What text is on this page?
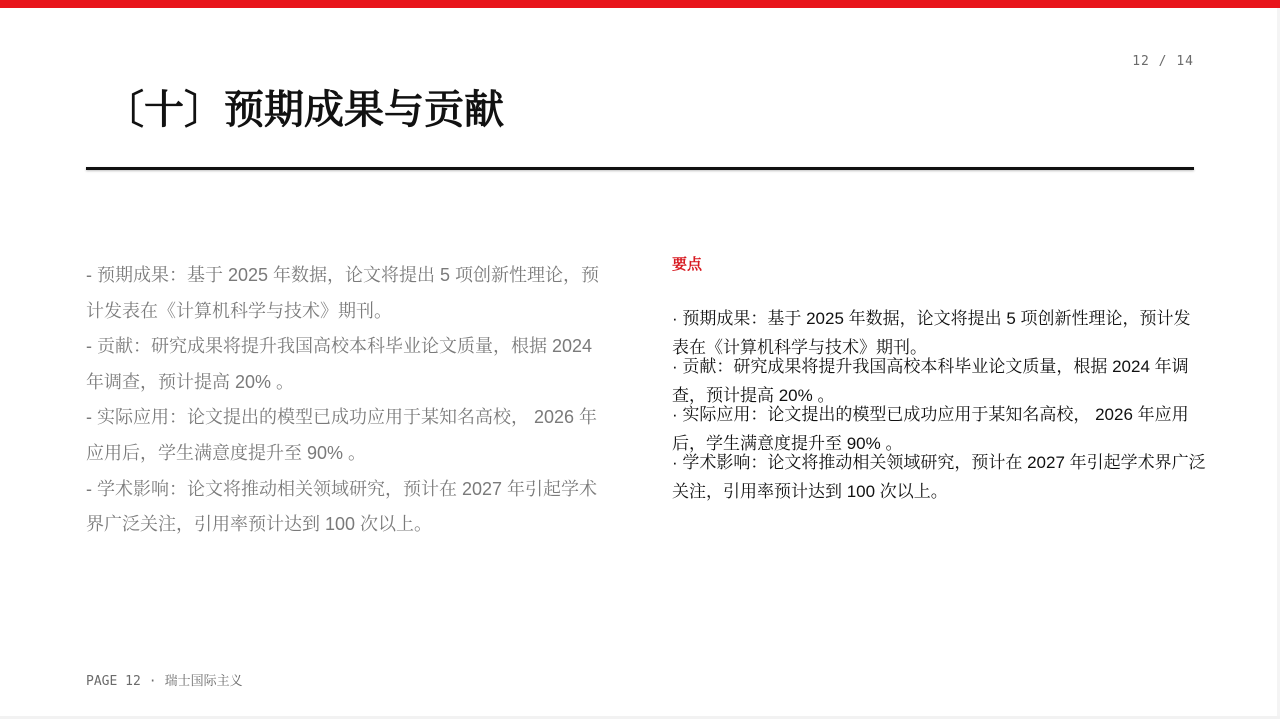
12 / 14
〔十〕预期成果与贡献

- 预期成果：基于 2025 年数据，论文将提出 5 项创新性理论，预计发表在《计算机科学与技术》期刊。

- 贡献：研究成果将提升我国高校本科毕业论文质量，根据 2024 年调查，预计提高 20% 。

- 实际应用：论文提出的模型已成功应用于某知名高校， 2026 年应用后，学生满意度提升至 90% 。

- 学术影响：论文将推动相关领域研究，预计在 2027 年引起学术界广泛关注，引用率预计达到 100 次以上。

要点

· 预期成果：基于 2025 年数据，论文将提出 5 项创新性理论，预计发表在《计算机科学与技术》期刊。

· 贡献：研究成果将提升我国高校本科毕业论文质量，根据 2024 年调查，预计提高 20% 。

· 实际应用：论文提出的模型已成功应用于某知名高校， 2026 年应用后，学生满意度提升至 90% 。

· 学术影响：论文将推动相关领域研究，预计在 2027 年引起学术界广泛关注，引用率预计达到 100 次以上。

PAGE 12 · 瑞士国际主义
